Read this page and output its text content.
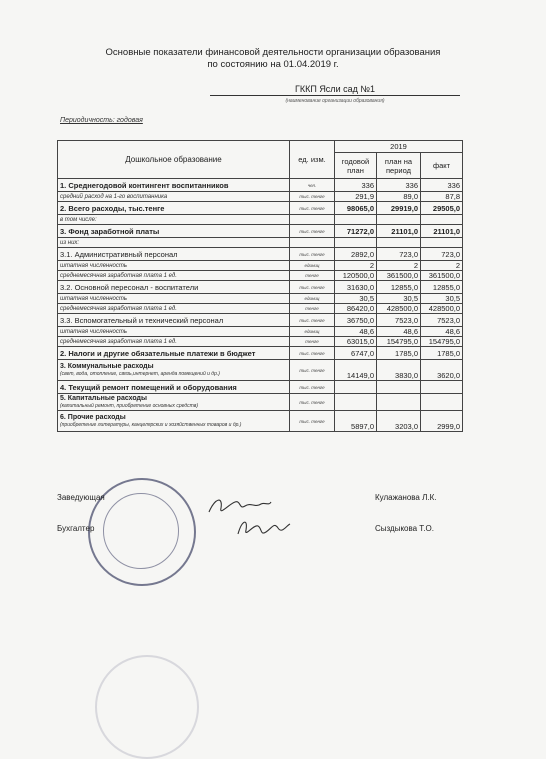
Основные показатели финансовой деятельности организации образования
по состоянию на 01.04.2019 г.
ГККП Ясли сад №1
(наименование организации образования)
Периодичность: годовая
Дошкольное образование	ед. изм.	2019		
		годовой план	план на период	факт
1. Среднегодовой контингент воспитанников	чел.	336	336	336
средний расход на 1-го воспитанника	тыс. тенге	291,9	89,0	87,8
2. Всего расходы, тыс.тенге	тыс. тенге	98065,0	29919,0	29505,0
в том числе:				
3. Фонд заработной платы	тыс. тенге	71272,0	21101,0	21101,0
из них:				
3.1. Административный персонал	тыс. тенге	2892,0	723,0	723,0
штатная численность	единиц	2	2	2
среднемесячная заработная плата 1 ед.	тенге	120500,0	361500,0	361500,0
3.2. Основной пересонал - воспитатели	тыс. тенге	31630,0	12855,0	12855,0
штатная численность	единиц	30,5	30,5	30,5
среднемесячная заработная плата 1 ед.	тенге	86420,0	428500,0	428500,0
3.3. Вспомогательный и технический персонал	тыс. тенге	36750,0	7523,0	7523,0
штатная численность	единиц	48,6	48,6	48,6
среднемесячная заработная плата 1 ед.	тенге	63015,0	154795,0	154795,0
2. Налоги и другие обязательные платежи в бюджет	тыс. тенге	6747,0	1785,0	1785,0

3. Коммунальные расходы
(свет, вода, отопление, связь,интернет, аренда помещений и др.)	тыс. тенге	14149,0	3830,0	3620,0
4. Текущий ремонт помещений и оборудования	тыс. тенге			

5. Капитальные расходы
(капитальный ремонт, приобретение основных средств)	тыс. тенге			

6. Прочие расходы
(приобретение литературы, канцелярских и хозяйственных товаров и др.)	тыс. тенге	5897,0	3203,0	2999,0
Заведующая	Кулажанова Л.К.
Бухгалтер	Сыздыкова Т.О.
